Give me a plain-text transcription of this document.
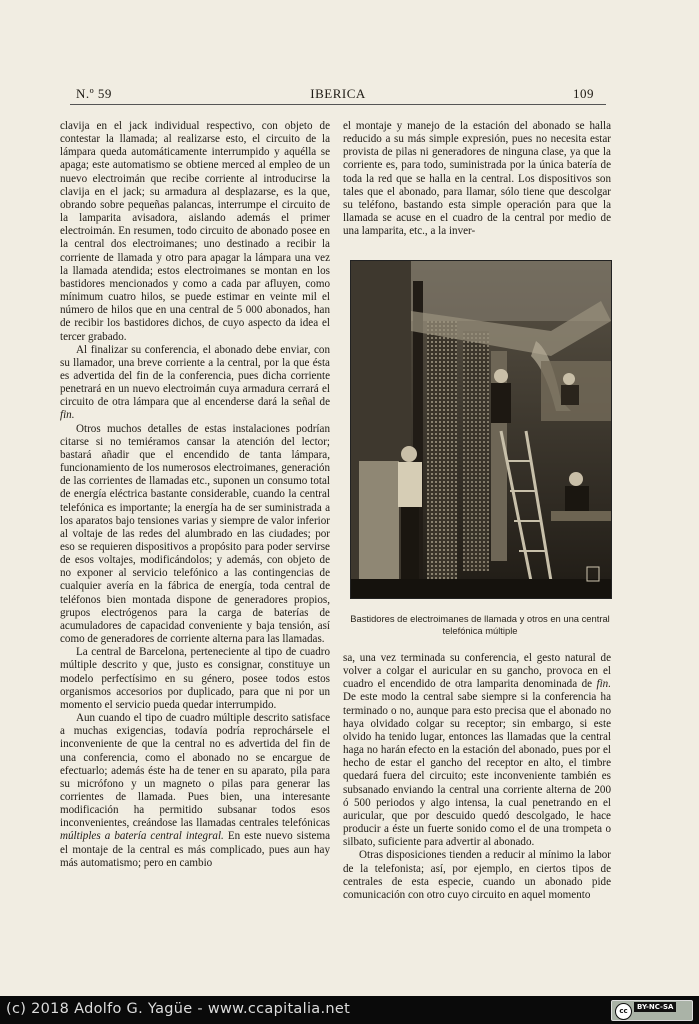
N.º 59	IBERICA	109

clavija en el jack individual respectivo, con objeto de contestar la llamada; al realizarse esto, el circuito de la lámpara queda automáticamente interrumpido y aquélla se apaga; este automatismo se obtiene merced al empleo de un nuevo electroimán que recibe corriente al introducirse la clavija en el jack; su armadura al desplazarse, es la que, obrando sobre pequeñas palancas, interrumpe el circuito de la lamparita avisadora, aislando además el primer electroimán. En resumen, todo circuito de abonado posee en la central dos electroimanes; uno destinado a recibir la corriente de llamada y otro para apagar la lámpara una vez la llamada atendida; estos electroimanes se montan en los bastidores mencionados y como a cada par afluyen, como mínimum cuatro hilos, se puede estimar en veinte mil el número de hilos que en una central de 5 000 abonados, han de recibir los bastidores dichos, de cuyo aspecto da idea el tercer grabado.

Al finalizar su conferencia, el abonado debe enviar, con su llamador, una breve corriente a la central, por la que ésta es advertida del fin de la conferencia, pues dicha corriente penetrará en un nuevo electroimán cuya armadura cerrará el circuito de otra lámpara que al encenderse dará la señal de fin.

Otros muchos detalles de estas instalaciones podrían citarse si no temiéramos cansar la atención del lector; bastará añadir que el encendido de tanta lámpara, funcionamiento de los numerosos electroimanes, generación de las corrientes de llamadas etc., suponen un consumo total de energía eléctrica bastante considerable, cuando la central telefónica es importante; la energía ha de ser suministrada a los aparatos bajo tensiones varias y siempre de valor inferior al voltaje de las redes del alumbrado en las ciudades; por eso se requieren dispositivos a propósito para poder servirse de esos voltajes, modificándolos; y además, con objeto de no exponer al servicio telefónico a las contingencias de cualquier avería en la fábrica de energía, toda central de teléfonos bien montada dispone de generadores propios, grupos electrógenos para la carga de baterías de acumuladores de capacidad conveniente y baja tensión, así como de generadores de corriente alterna para las llamadas.

La central de Barcelona, perteneciente al tipo de cuadro múltiple descrito y que, justo es consignar, constituye un modelo perfectísimo en su género, posee todos estos organismos accesorios por duplicado, para que ni por un momento el servicio pueda quedar interrumpido.

Aun cuando el tipo de cuadro múltiple descrito satisface a muchas exigencias, todavía podría reprochársele el inconveniente de que la central no es advertida del fin de una conferencia, como el abonado no se encargue de efectuarlo; además éste ha de tener en su aparato, pila para su micrófono y un magneto o pilas para generar las corrientes de llamada. Pues bien, una interesante modificación ha permitido subsanar todos esos inconvenientes, creándose las llamadas centrales telefónicas múltiples a batería central integral. En este nuevo sistema el montaje de la central es más complicado, pues aun hay más automatismo; pero en cambio

el montaje y manejo de la estación del abonado se halla reducido a su más simple expresión, pues no necesita estar provista de pilas ni generadores de ninguna clase, ya que la corriente es, para todo, suministrada por la única batería de toda la red que se halla en la central. Los dispositivos son tales que el abonado, para llamar, sólo tiene que descolgar su teléfono, bastando esta simple operación para que la llamada se acuse en el cuadro de la central por medio de una lamparita, etc., a la inver-

Bastidores de electroimanes de llamada y otros en una central telefónica múltiple

sa, una vez terminada su conferencia, el gesto natural de volver a colgar el auricular en su gancho, provoca en el cuadro el encendido de otra lamparita denominada de fin. De este modo la central sabe siempre si la conferencia ha terminado o no, aunque para esto precisa que el abonado no haya olvidado colgar su receptor; sin embargo, si este olvido ha tenido lugar, entonces las llamadas que la central haga no harán efecto en la estación del abonado, pues por el hecho de estar el gancho del receptor en alto, el timbre quedará fuera del circuito; este inconveniente también es subsanado enviando la central una corriente alterna de 200 ó 500 periodos y algo intensa, la cual penetrando en el auricular, que por descuido quedó descolgado, le hace producir a éste un fuerte sonido como el de una trompeta o silbato, suficiente para advertir al abonado.

Otras disposiciones tienden a reducir al mínimo la labor de la telefonista; así, por ejemplo, en ciertos tipos de centrales de esta especie, cuando un abonado pide comunicación con otro cuyo circuito en aquel momento

(c) 2018 Adolfo G. Yagüe - www.ccapitalia.net	cc	BY-NC-SA
